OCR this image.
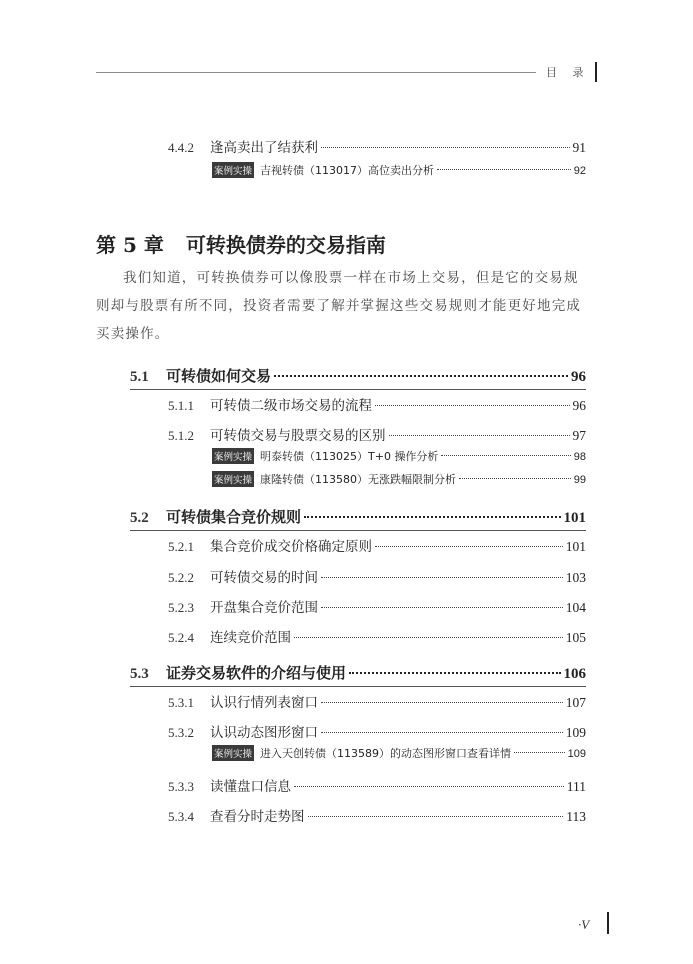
目 录
4.4.2	逢高卖出了结获利	91
案例实操 吉视转债（113017）高位卖出分析	92
第 5 章 可转换债券的交易指南
我们知道，可转换债券可以像股票一样在市场上交易，但是它的交易规则却与股票有所不同，投资者需要了解并掌握这些交易规则才能更好地完成买卖操作。
5.1	可转债如何交易	96
5.1.1	可转债二级市场交易的流程	96
5.1.2	可转债交易与股票交易的区别	97
案例实操 明泰转债（113025）T+0 操作分析	98
案例实操 康隆转债（113580）无涨跌幅限制分析	99
5.2	可转债集合竞价规则	101
5.2.1	集合竞价成交价格确定原则	101
5.2.2	可转债交易的时间	103
5.2.3	开盘集合竞价范围	104
5.2.4	连续竞价范围	105
5.3	证券交易软件的介绍与使用	106
5.3.1	认识行情列表窗口	107
5.3.2	认识动态图形窗口	109
案例实操 进入天创转债（113589）的动态图形窗口查看详情	109
5.3.3	读懂盘口信息	111
5.3.4	查看分时走势图	113
·V
